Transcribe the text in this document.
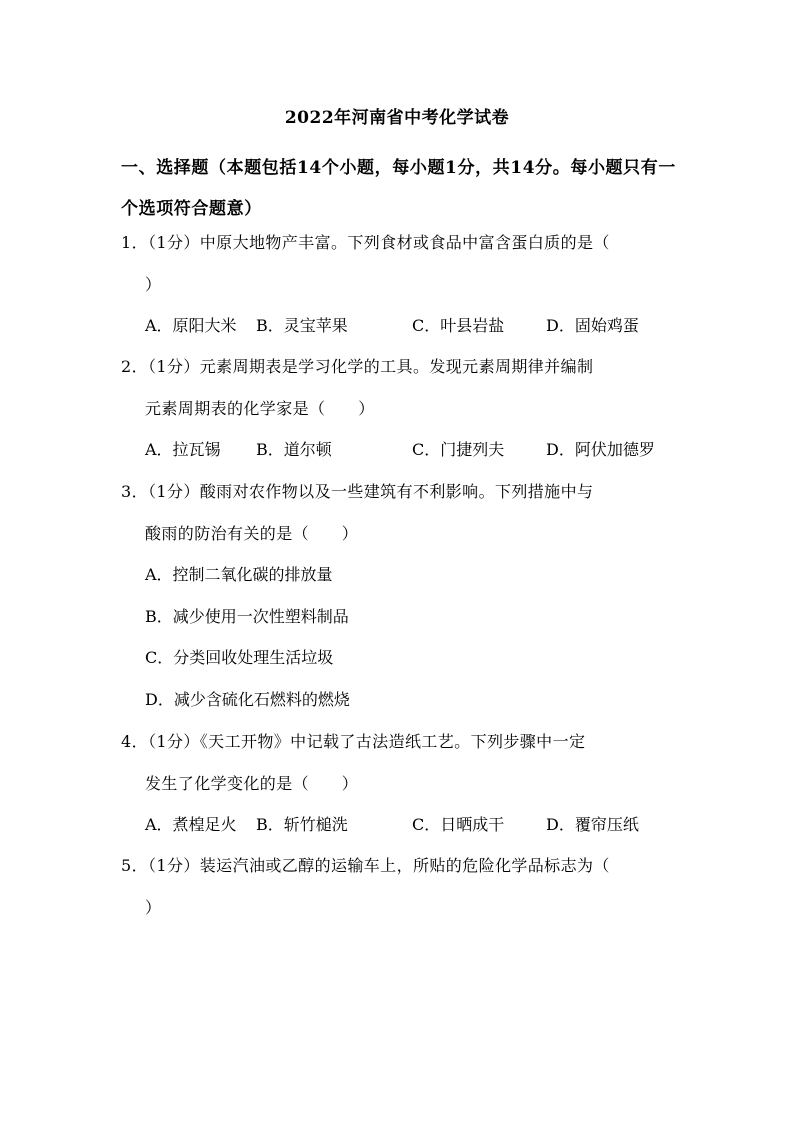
2022年河南省中考化学试卷
一、选择题（本题包括14个小题，每小题1分，共14分。每小题只有一个选项符合题意）
1．（1分）中原大地物产丰富。下列食材或食品中富含蛋白质的是（
）
A．原阳大米 B．灵宝苹果	C．叶县岩盐	D．固始鸡蛋
2．（1分）元素周期表是学习化学的工具。发现元素周期律并编制
元素周期表的化学家是（　　）
A．拉瓦锡 B．道尔顿	C．门捷列夫	D．阿伏加德罗
3．（1分）酸雨对农作物以及一些建筑有不利影响。下列措施中与
酸雨的防治有关的是（　　）
A．控制二氧化碳的排放量
B．减少使用一次性塑料制品
C．分类回收处理生活垃圾
D．减少含硫化石燃料的燃烧
4．（1分）《天工开物》中记载了古法造纸工艺。下列步骤中一定
发生了化学变化的是（　　）
A．煮楻足火 B．斩竹槌洗	C．日晒成干	D．覆帘压纸
5．（1分）装运汽油或乙醇的运输车上，所贴的危险化学品标志为（
）
